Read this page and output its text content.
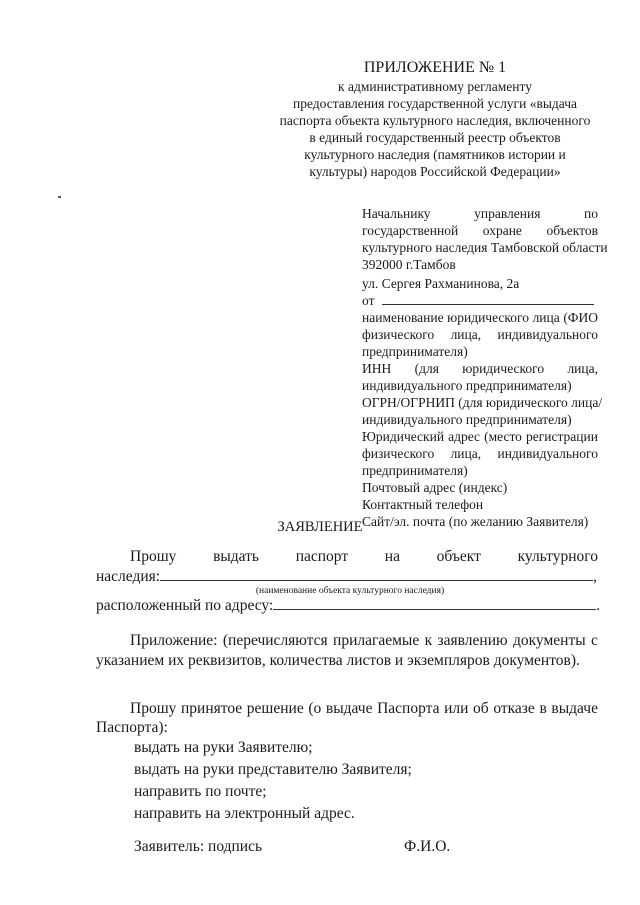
ПРИЛОЖЕНИЕ № 1
к административному регламенту
предоставления государственной услуги «выдача
паспорта объекта культурного наследия, включенного
в единый государственный реестр объектов
культурного наследия (памятников истории и
культуры) народов Российской Федерации»
Начальнику	управления	по
государственной охране объектов
культурного наследия Тамбовской области
392000 г.Тамбов
ул. Сергея Рахманинова, 2а
от
наименование юридического лица (ФИО
физического лица, индивидуального
предпринимателя)
ИНН (для юридического лица,
индивидуального предпринимателя)
ОГРН/ОГРНИП (для юридического лица/
индивидуального предпринимателя)
Юридический адрес (место регистрации
физического лица, индивидуального
предпринимателя)
Почтовый адрес (индекс)
Контактный телефон
Сайт/эл. почта (по желанию Заявителя)
ЗАЯВЛЕНИЕ
Прошу выдать паспорт на объект культурного
наследия:	,
(наименование объекта культурного наследия)
расположенный по адресу:	.
Приложение: (перечисляются прилагаемые к заявлению документы с
указанием их реквизитов, количества листов и экземпляров документов).
Прошу принятое решение (о выдаче Паспорта или об отказе в выдаче
Паспорта):
выдать на руки Заявителю;
выдать на руки представителю Заявителя;
направить по почте;
направить на электронный адрес.
Заявитель: подпись	Ф.И.О.
